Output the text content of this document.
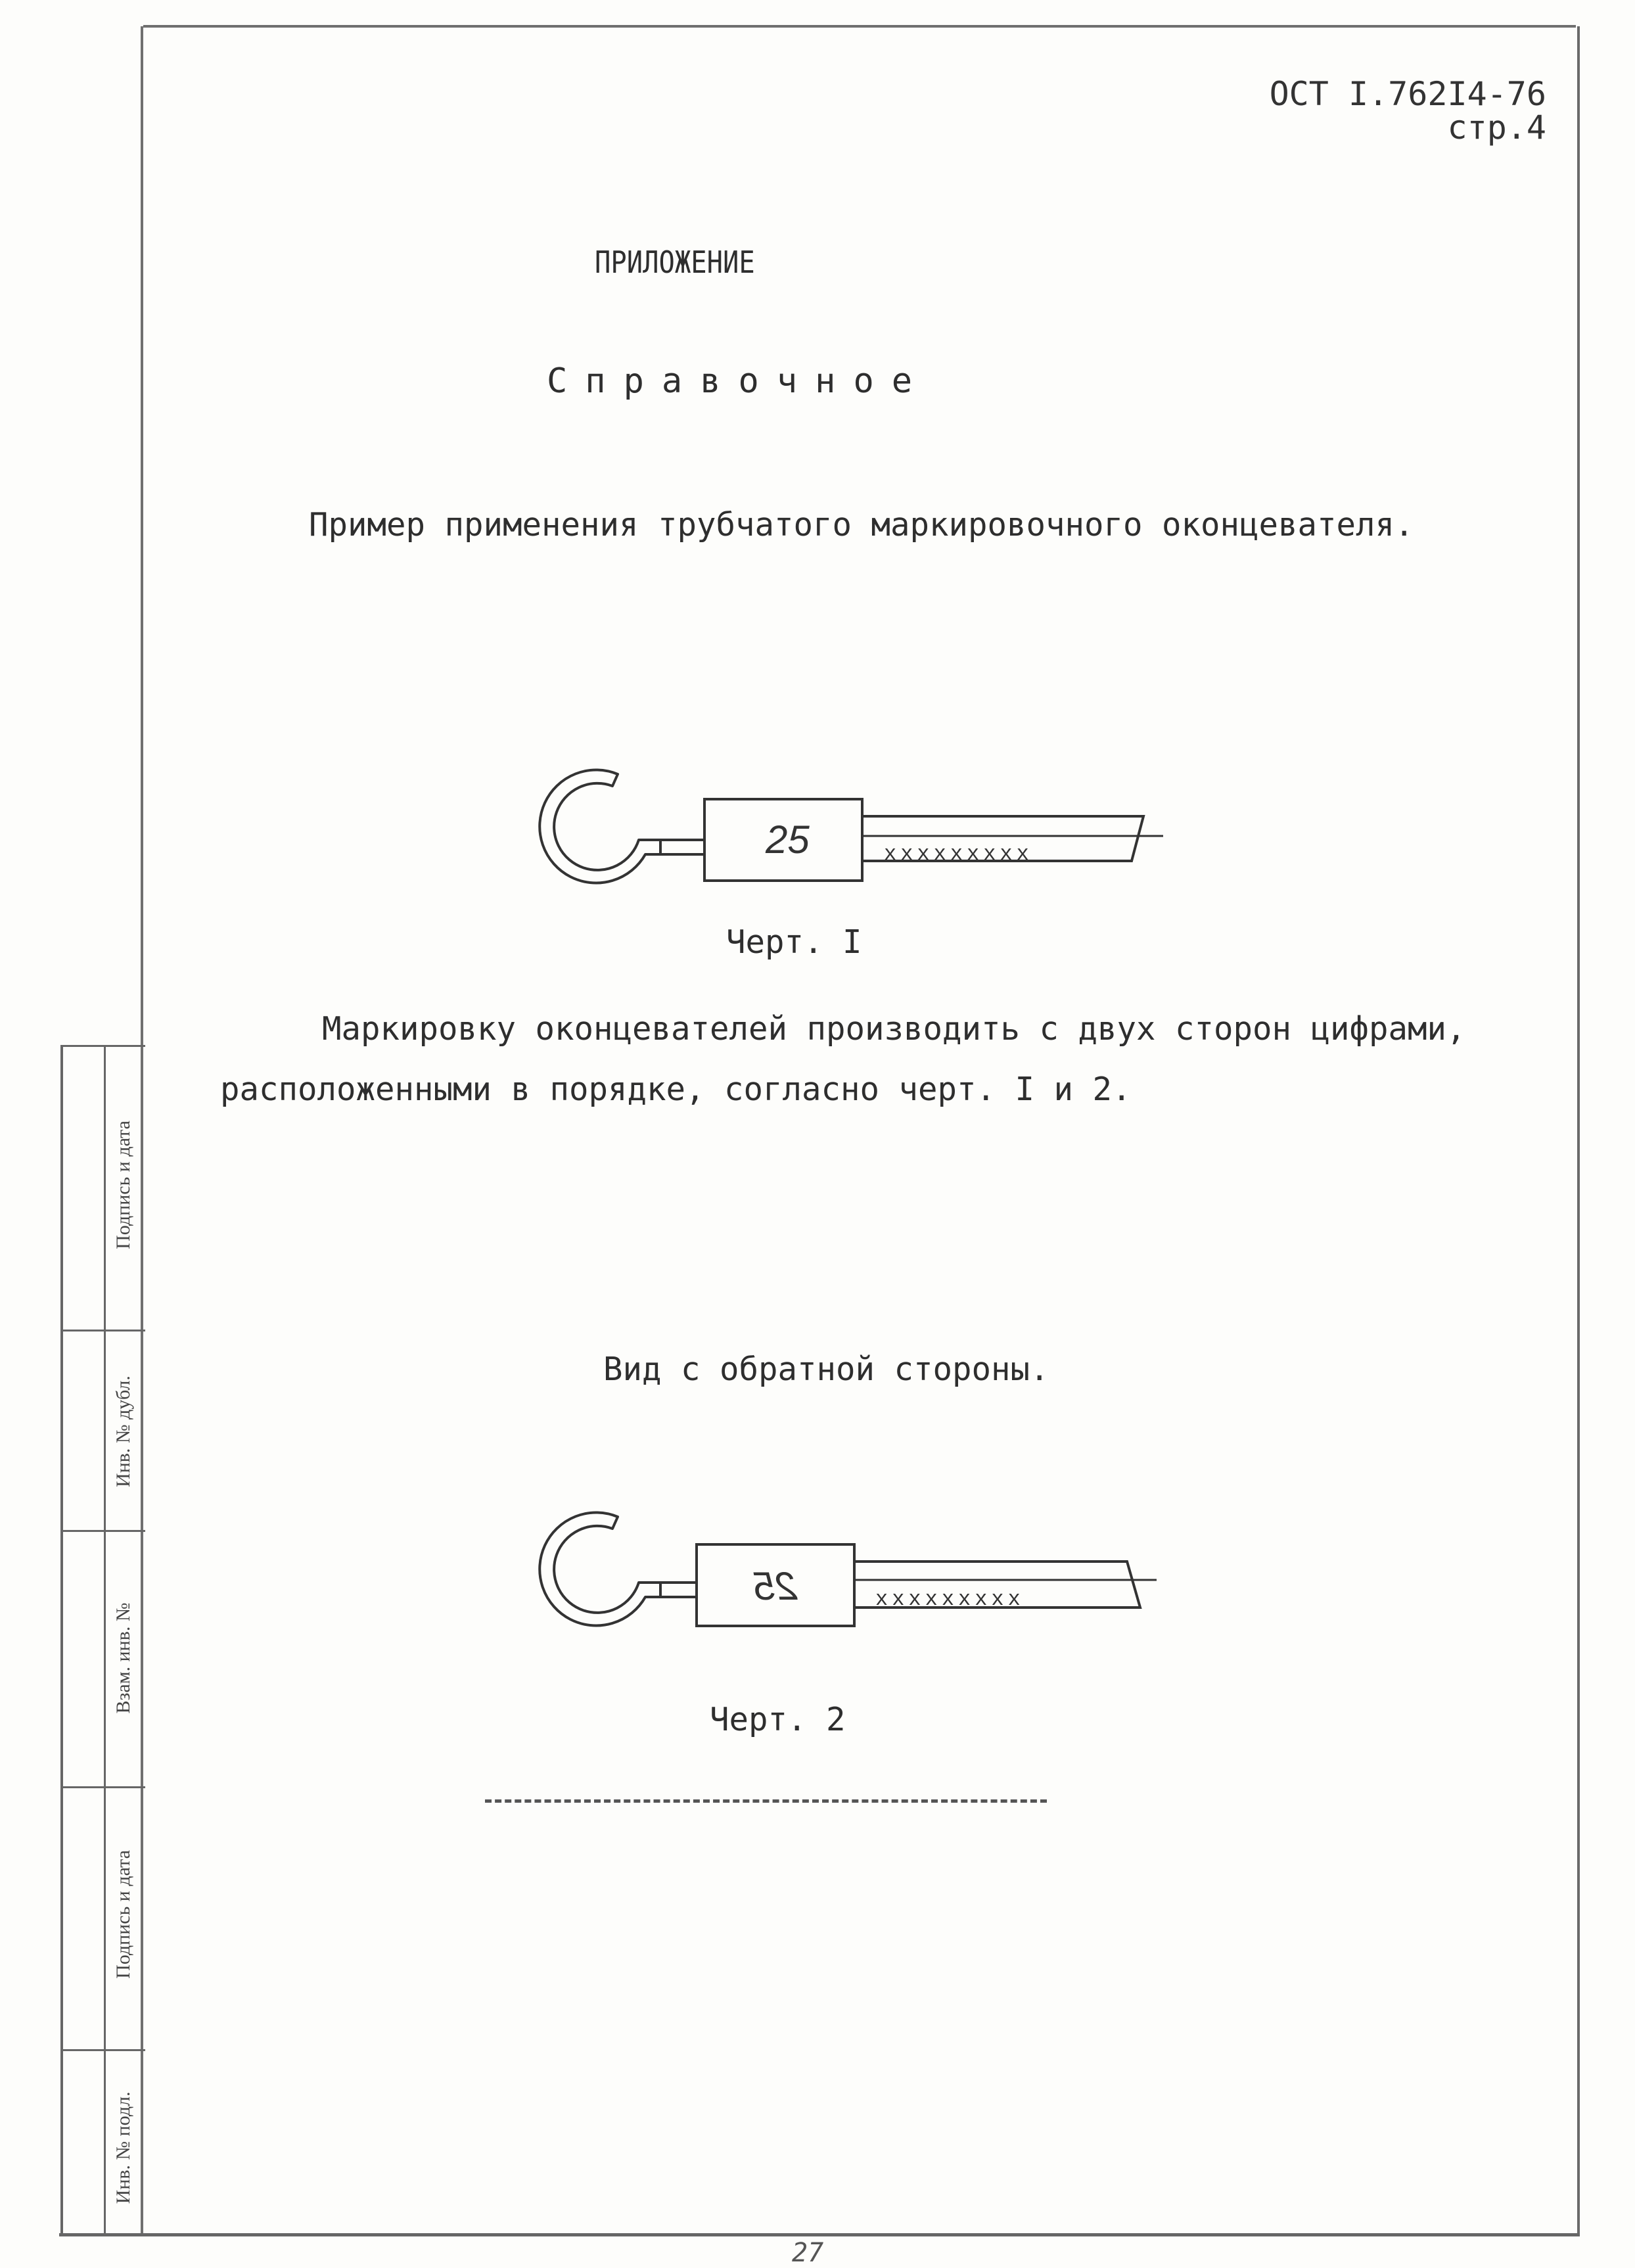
ОСТ I.762I4-76
стр.4
ПРИЛОЖЕНИЕ
Справочное
Пример применения трубчатого маркировочного оконцевателя.
25	xxxxxxxxx
Черт. I
Маркировку оконцевателей производить с двух сторон цифрами,
расположенными в порядке, согласно черт. I и 2.
Вид с обратной стороны.
25	xxxxxxxxx
Черт. 2
Подпись и дата
Инв. № дубл.
Взам. инв. №
Подпись и дата
Инв. № подл.
27
